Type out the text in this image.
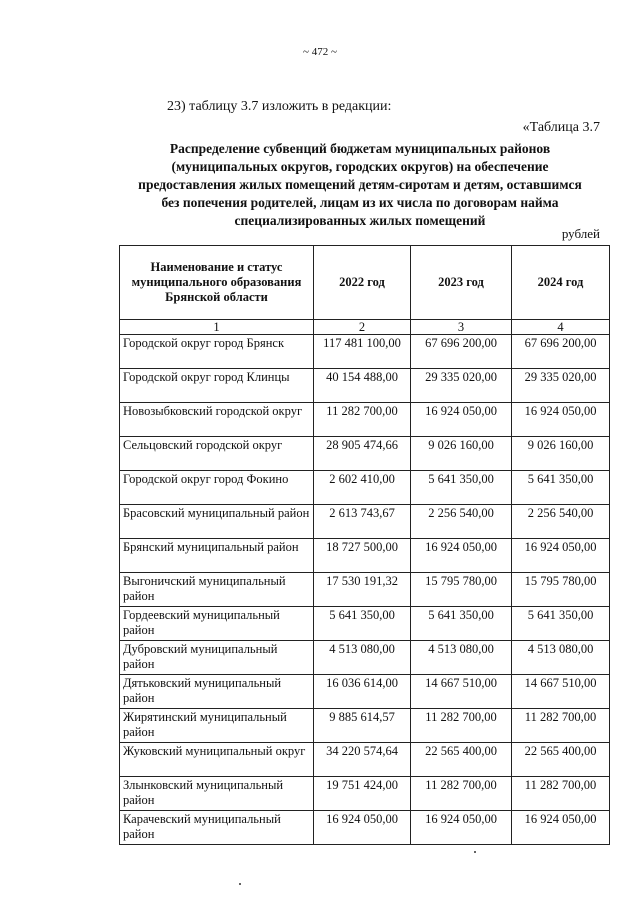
~ 472 ~
23) таблицу 3.7 изложить в редакции:
«Таблица 3.7
Распределение субвенций бюджетам муниципальных районов
(муниципальных округов, городских округов) на обеспечение
предоставления жилых помещений детям-сиротам и детям, оставшимся
без попечения родителей, лицам из их числа по договорам найма
специализированных жилых помещений
рублей
Наименование и статус муниципального образования Брянской области	2022 год	2023 год	2024 год
1	2	3	4
Городской округ город Брянск	117 481 100,00	67 696 200,00	67 696 200,00
Городской округ город Клинцы	40 154 488,00	29 335 020,00	29 335 020,00
Новозыбковский городской округ	11 282 700,00	16 924 050,00	16 924 050,00
Сельцовский городской округ	28 905 474,66	9 026 160,00	9 026 160,00
Городской округ город Фокино	2 602 410,00	5 641 350,00	5 641 350,00
Брасовский муниципальный район	2 613 743,67	2 256 540,00	2 256 540,00
Брянский муниципальный район	18 727 500,00	16 924 050,00	16 924 050,00
Выгоничский муниципальный район	17 530 191,32	15 795 780,00	15 795 780,00
Гордеевский муниципальный район	5 641 350,00	5 641 350,00	5 641 350,00
Дубровский муниципальный район	4 513 080,00	4 513 080,00	4 513 080,00
Дятьковский муниципальный район	16 036 614,00	14 667 510,00	14 667 510,00
Жирятинский муниципальный район	9 885 614,57	11 282 700,00	11 282 700,00
Жуковский муниципальный округ	34 220 574,64	22 565 400,00	22 565 400,00
Злынковский муниципальный район	19 751 424,00	11 282 700,00	11 282 700,00
Карачевский муниципальный район	16 924 050,00	16 924 050,00	16 924 050,00
